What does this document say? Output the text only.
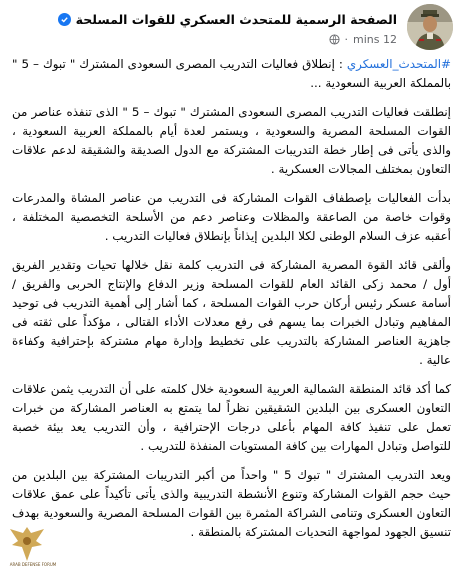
الصفحة الرسمية للمتحدث العسكري للقوات المسلحة
12 mins
·

#المتحدث_العسكري : إنطلاق فعاليات التدريب المصرى السعودى المشترك " تبوك – 5 " بالمملكة العربية السعودية ...

إنطلقت فعاليات التدريب المصرى السعودى المشترك " تبوك – 5 " الذى تنفذه عناصر من القوات المسلحة المصرية والسعودية ، ويستمر لعدة أيام بالمملكة العربية السعودية ، والذى يأتى فى إطار خطة التدريبات المشتركة مع الدول الصديقة والشقيقة لدعم علاقات التعاون بمختلف المجالات العسكرية .

بدأت الفعاليات بإصطفاف القوات المشاركة فى التدريب من عناصر المشاة والمدرعات وقوات خاصة من الصاعقة والمظلات وعناصر دعم من الأسلحة التخصصية المختلفة ، أعقبه عزف السلام الوطنى لكلا البلدين إيذاناً بإنطلاق فعاليات التدريب .

وألقى قائد القوة المصرية المشاركة فى التدريب كلمة نقل خلالها تحيات وتقدير الفريق أول / محمد زكى القائد العام للقوات المسلحة وزير الدفاع والإنتاج الحربى والفريق / أسامة عسكر رئيس أركان حرب القوات المسلحة ، كما أشار إلى أهمية التدريب فى توحيد المفاهيم وتبادل الخبرات بما يسهم فى رفع معدلات الأداء القتالى ، مؤكداً على ثقته فى جاهزية العناصر المشاركة بالتدريب على تخطيط وإدارة مهام مشتركة بإحترافية وكفاءة عالية .

كما أكد قائد المنطقة الشمالية العربية السعودية خلال كلمته على أن التدريب يثمن علاقات التعاون العسكرى بين البلدين الشقيقين نظراً لما يتمتع به العناصر المشاركة من خبرات تعمل على تنفيذ كافة المهام بأعلى درجات الإحترافية ، وأن التدريب يعد بيئة خصبة للتواصل وتبادل المهارات بين كافة المستويات المنفذة للتدريب .

ويعد التدريب المشترك " تبوك 5 " واحداً من أكبر التدريبات المشتركة بين البلدين من حيث حجم القوات المشاركة وتنوع الأنشطة التدريبية والذى يأتى تأكيداً على عمق علاقات التعاون العسكرى وتنامى الشراكة المثمرة بين القوات المسلحة المصرية والسعودية بهدف تنسيق الجهود لمواجهة التحديات المشتركة بالمنطقة .

ARAB DEFENSE FORUM
